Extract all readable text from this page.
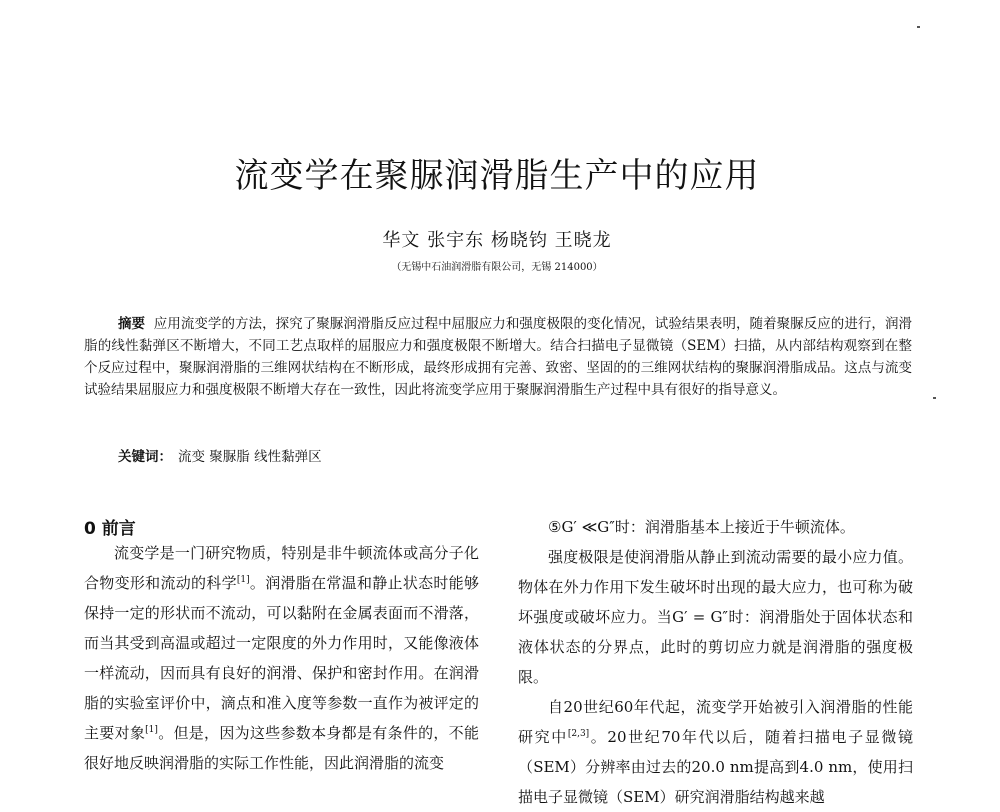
流变学在聚脲润滑脂生产中的应用
华文 张宇东 杨晓钧 王晓龙
（无锡中石油润滑脂有限公司，无锡 214000）

摘要 应用流变学的方法，探究了聚脲润滑脂反应过程中屈服应力和强度极限的变化情况，试验结果表明，随着聚脲反应的进行，润滑脂的线性黏弹区不断增大，不同工艺点取样的屈服应力和强度极限不断增大。结合扫描电子显微镜（SEM）扫描，从内部结构观察到在整个反应过程中，聚脲润滑脂的三维网状结构在不断形成，最终形成拥有完善、致密、坚固的的三维网状结构的聚脲润滑脂成品。这点与流变试验结果屈服应力和强度极限不断增大存在一致性，因此将流变学应用于聚脲润滑脂生产过程中具有很好的指导意义。

关键词： 流变 聚脲脂 线性黏弹区
0 前言

流变学是一门研究物质，特别是非牛顿流体或高分子化合物变形和流动的科学[1]。润滑脂在常温和静止状态时能够保持一定的形状而不流动，可以黏附在金属表面而不滑落，而当其受到高温或超过一定限度的外力作用时，又能像液体一样流动，因而具有良好的润滑、保护和密封作用。在润滑脂的实验室评价中，滴点和准入度等参数一直作为被评定的主要对象[1]。但是，因为这些参数本身都是有条件的，不能很好地反映润滑脂的实际工作性能，因此润滑脂的流变

⑤G′ ≪G″时：润滑脂基本上接近于牛顿流体。

强度极限是使润滑脂从静止到流动需要的最小应力值。物体在外力作用下发生破坏时出现的最大应力，也可称为破坏强度或破坏应力。当G′ = G″时：润滑脂处于固体状态和液体状态的分界点，此时的剪切应力就是润滑脂的强度极限。

自20世纪60年代起，流变学开始被引入润滑脂的性能研究中[2,3]。20世纪70年代以后，随着扫描电子显微镜（SEM）分辨率由过去的20.0 nm提高到4.0 nm，使用扫描电子显微镜（SEM）研究润滑脂结构越来越
